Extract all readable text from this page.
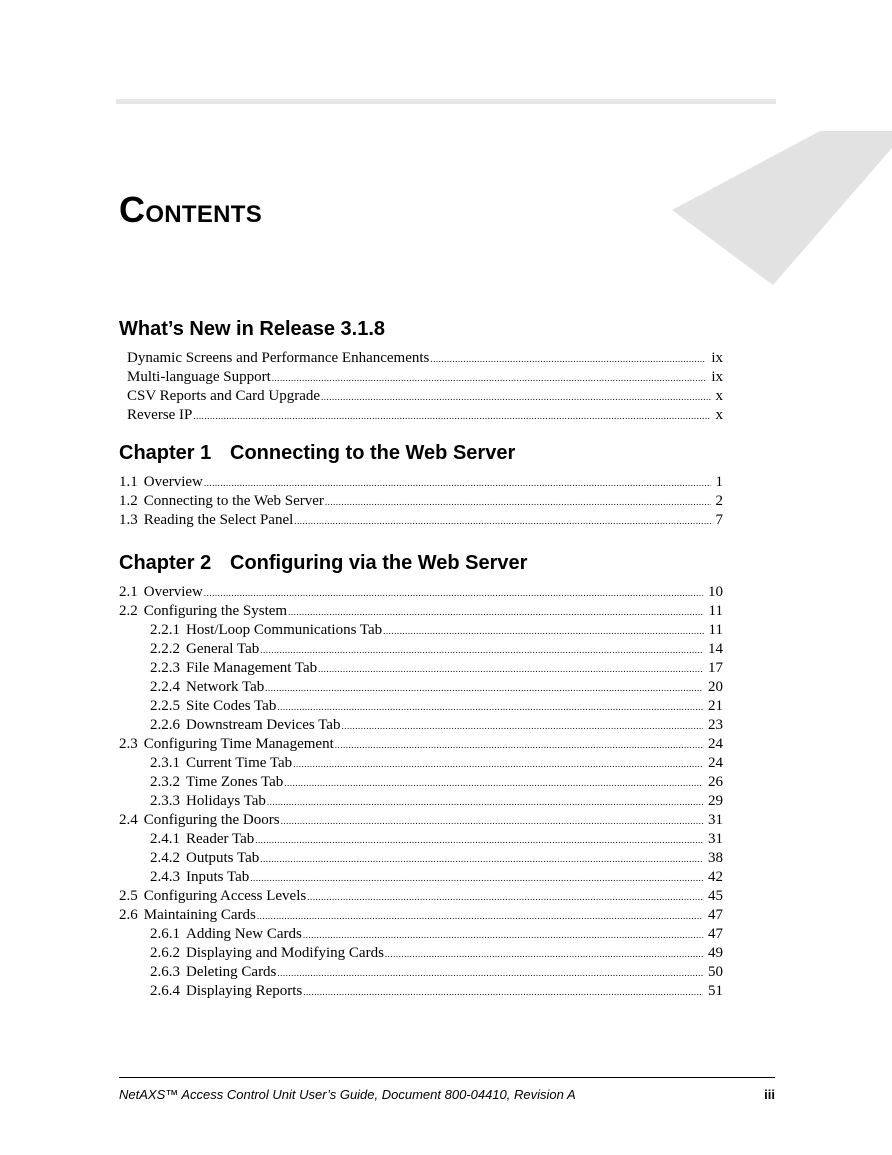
CONTENTS
What’s New in Release 3.1.8
Dynamic Screens and Performance Enhancements .....	ix
Multi-language Support .....	ix
CSV Reports and Card Upgrade .....	x
Reverse IP .....	x
Chapter 1 Connecting to the Web Server
1.1 Overview .....	1
1.2 Connecting to the Web Server .....	2
1.3 Reading the Select Panel .....	7
Chapter 2 Configuring via the Web Server
2.1 Overview .....	10
2.2 Configuring the System .....	11
2.2.1 Host/Loop Communications Tab .....	11
2.2.2 General Tab .....	14
2.2.3 File Management Tab .....	17
2.2.4 Network Tab .....	20
2.2.5 Site Codes Tab .....	21
2.2.6 Downstream Devices Tab .....	23
2.3 Configuring Time Management .....	24
2.3.1 Current Time Tab .....	24
2.3.2 Time Zones Tab .....	26
2.3.3 Holidays Tab .....	29
2.4 Configuring the Doors .....	31
2.4.1 Reader Tab .....	31
2.4.2 Outputs Tab .....	38
2.4.3 Inputs Tab .....	42
2.5 Configuring Access Levels .....	45
2.6 Maintaining Cards .....	47
2.6.1 Adding New Cards .....	47
2.6.2 Displaying and Modifying Cards .....	49
2.6.3 Deleting Cards .....	50
2.6.4 Displaying Reports .....	51
NetAXS™ Access Control Unit User’s Guide, Document 800-04410, Revision A	iii
